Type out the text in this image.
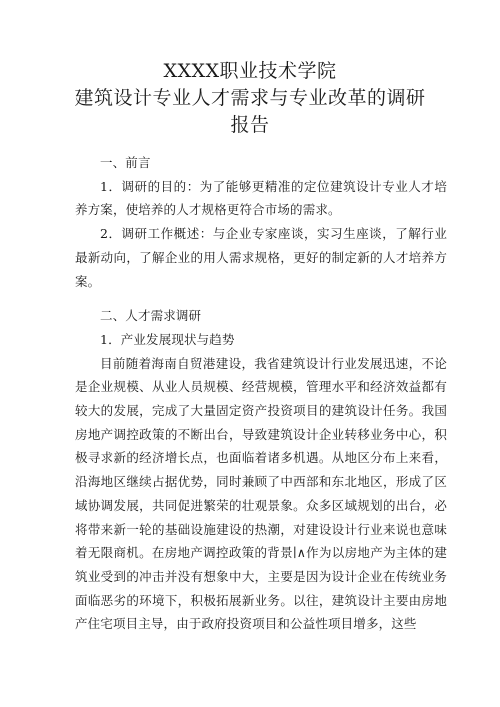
XXXX职业技术学院
建筑设计专业人才需求与专业改革的调研
报告

一、前言

1．调研的目的：为了能够更精准的定位建筑设计专业人才培养方案，使培养的人才规格更符合市场的需求。

2．调研工作概述：与企业专家座谈，实习生座谈，了解行业最新动向，了解企业的用人需求规格，更好的制定新的人才培养方案。

二、人才需求调研

1．产业发展现状与趋势

目前随着海南自贸港建设，我省建筑设计行业发展迅速，不论是企业规模、从业人员规模、经营规模，管理水平和经济效益都有较大的发展，完成了大量固定资产投资项目的建筑设计任务。我国房地产调控政策的不断出台，导致建筑设计企业转移业务中心，积极寻求新的经济增长点，也面临着诸多机遇。从地区分布上来看，沿海地区继续占据优势，同时兼顾了中西部和东北地区，形成了区域协调发展，共同促进繁荣的壮观景象。众多区域规划的出台，必将带来新一轮的基础设施建设的热潮，对建设设计行业来说也意味着无限商机。在房地产调控政策的背景∣∧作为以房地产为主体的建筑业受到的冲击并没有想象中大，主要是因为设计企业在传统业务面临恶劣的环境下，积极拓展新业务。以往，建筑设计主要由房地产住宅项目主导，由于政府投资项目和公益性项目增多，这些
